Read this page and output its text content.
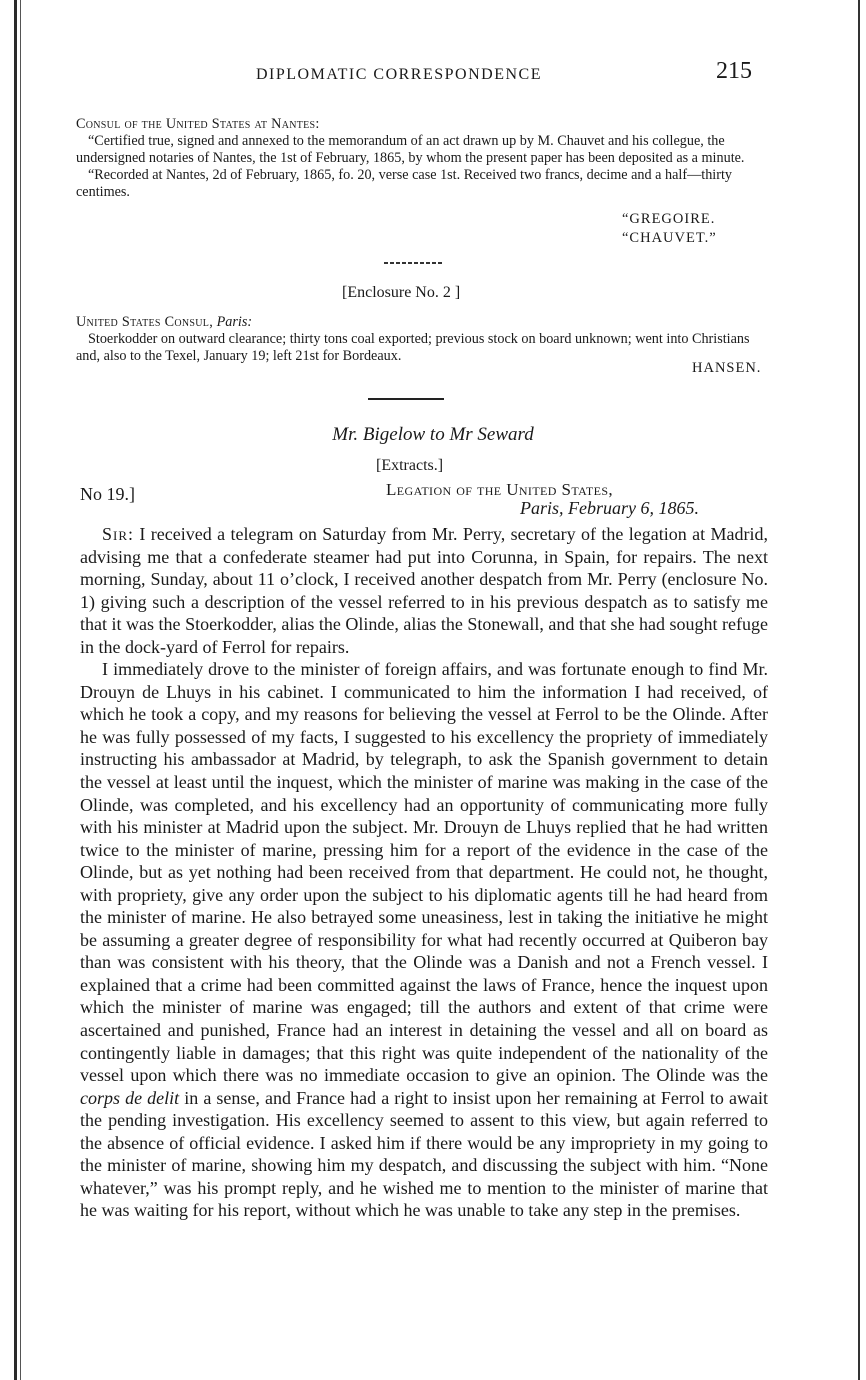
DIPLOMATIC CORRESPONDENCE	215
Consul of the United States at Nantes:
“Certified true, signed and annexed to the memorandum of an act drawn up by M. Chauvet and his collegue, the undersigned notaries of Nantes, the 1st of February, 1865, by whom the present paper has been deposited as a minute.
“Recorded at Nantes, 2d of February, 1865, fo. 20, verse case 1st. Received two francs, decime and a half—thirty centimes.
“GREGOIRE.
“CHAUVET.”
[Enclosure No. 2 ]
United States Consul, Paris:
Stoerkodder on outward clearance; thirty tons coal exported; previous stock on board unknown; went into Christians and, also to the Texel, January 19; left 21st for Bordeaux.
HANSEN.
Mr. Bigelow to Mr Seward
[Extracts.]
No 19.]	Legation of the United States,
Paris, February 6, 1865.

Sir: I received a telegram on Saturday from Mr. Perry, secretary of the legation at Madrid, advising me that a confederate steamer had put into Corunna, in Spain, for repairs. The next morning, Sunday, about 11 o’clock, I received another despatch from Mr. Perry (enclosure No. 1) giving such a description of the vessel referred to in his previous despatch as to satisfy me that it was the Stoerkodder, alias the Olinde, alias the Stonewall, and that she had sought refuge in the dock-yard of Ferrol for repairs.

I immediately drove to the minister of foreign affairs, and was fortunate enough to find Mr. Drouyn de Lhuys in his cabinet. I communicated to him the information I had received, of which he took a copy, and my reasons for believing the vessel at Ferrol to be the Olinde. After he was fully possessed of my facts, I suggested to his excellency the propriety of immediately instructing his ambassador at Madrid, by telegraph, to ask the Spanish government to detain the vessel at least until the inquest, which the minister of marine was making in the case of the Olinde, was completed, and his excellency had an opportunity of communicating more fully with his minister at Madrid upon the subject. Mr. Drouyn de Lhuys replied that he had written twice to the minister of marine, pressing him for a report of the evidence in the case of the Olinde, but as yet nothing had been received from that department. He could not, he thought, with propriety, give any order upon the subject to his diplomatic agents till he had heard from the minister of marine. He also betrayed some uneasiness, lest in taking the initiative he might be assuming a greater degree of responsibility for what had recently occurred at Quiberon bay than was consistent with his theory, that the Olinde was a Danish and not a French vessel. I explained that a crime had been committed against the laws of France, hence the inquest upon which the minister of marine was engaged; till the authors and extent of that crime were ascertained and punished, France had an interest in detaining the vessel and all on board as contingently liable in damages; that this right was quite independent of the nationality of the vessel upon which there was no immediate occasion to give an opinion. The Olinde was the corps de delit in a sense, and France had a right to insist upon her remaining at Ferrol to await the pending investigation. His excellency seemed to assent to this view, but again referred to the absence of official evidence. I asked him if there would be any impropriety in my going to the minister of marine, showing him my despatch, and discussing the subject with him. “None whatever,” was his prompt reply, and he wished me to mention to the minister of marine that he was waiting for his report, without which he was unable to take any step in the premises.
